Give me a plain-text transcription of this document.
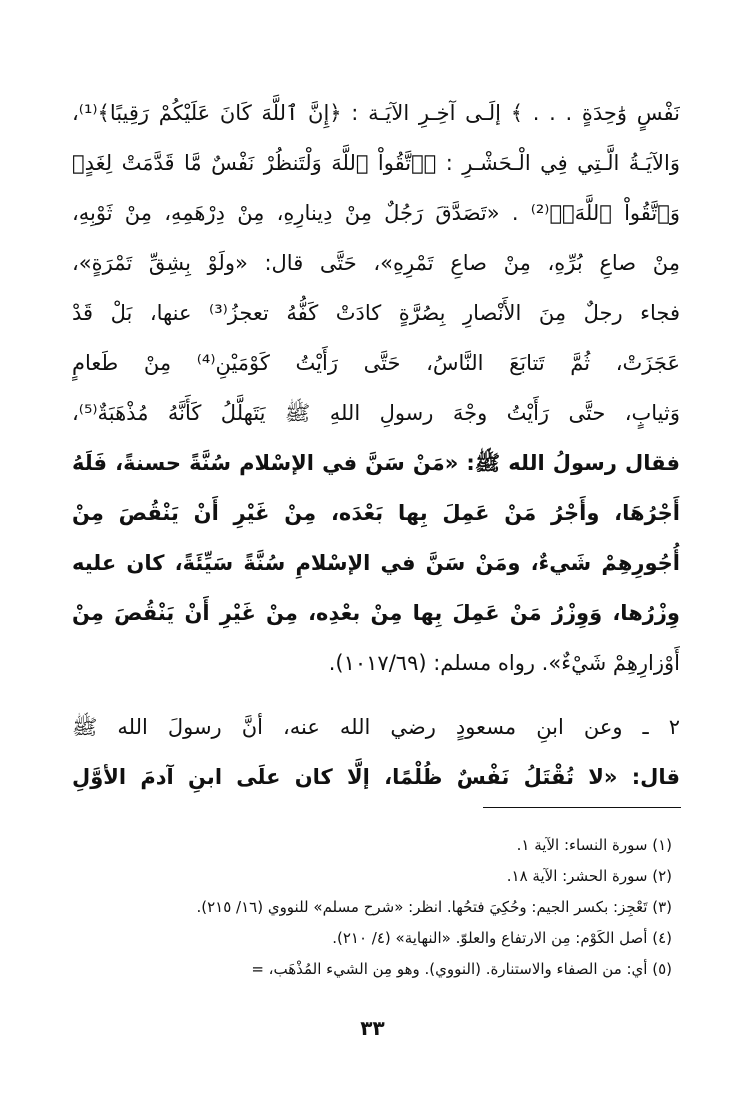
نَفْسٍ وَٰحِدَةٍ . . . ﴾ إلَـى آخِـرِ الآيَـة : ﴿إِنَّ ٱللَّهَ كَانَ عَلَيْكُمْ رَقِيبًا﴾⁽¹⁾،
وَالآيَـةُ الَّـتِي فِي الْـحَشْـرِ : ﴿ٱتَّقُواْ ٱللَّهَ وَلْتَنظُرْ نَفْسٌ مَّا قَدَّمَتْ لِغَدٍۖ
وَٱتَّقُواْ ٱللَّهَۚ﴾⁽²⁾ . «تَصَدَّقَ رَجُلٌ مِنْ دِينارِهِ، مِنْ دِرْهَمِهِ، مِنْ ثَوْبِهِ،
مِنْ صاعِ بُرِّهِ، مِنْ صاعِ تَمْرِهِ»، حَتَّى قال: «ولَوْ بِشِقِّ تَمْرَةٍ»،
فجاء رجلٌ مِنَ الأَنْصارِ بِصُرَّةٍ كادَتْ كَفُّهُ تعجزُ⁽³⁾ عنها، بَلْ قَدْ
عَجَزَتْ، ثُمَّ تَتابَعَ النَّاسُ، حَتَّى رَأَيْتُ كَوْمَيْنِ⁽⁴⁾ مِنْ طَعامٍ
وَثيابٍ، حتَّى رَأَيْتُ وجْهَ رسولِ اللهِ ﷺ يَتَهلَّلُ كَأَنَّهُ مُذْهَبَةٌ⁽⁵⁾،
فقال رسولُ الله ﷺ: «مَنْ سَنَّ في الإسْلام سُنَّةً حسنةً، فَلَهُ
أَجْرُهَا، وأَجْرُ مَنْ عَمِلَ بِها بَعْدَه، مِنْ غَيْرِ أَنْ يَنْقُصَ مِنْ
أُجُورِهِمْ شَيءٌ، ومَنْ سَنَّ في الإسْلامِ سُنَّةً سَيِّئَةً، كان عليه
وِزْرُها، وَوِزْرُ مَنْ عَمِلَ بِها مِنْ بعْدِه، مِنْ غَيْرِ أَنْ يَنْقُصَ مِنْ
أَوْزارِهِمْ شَيْءٌ». رواه مسلم: (١٠١٧/٦٩).
٢ ـ وعن ابنِ مسعودٍ رضي الله عنه، أنَّ رسولَ الله ﷺ
قال: «لا تُقْتَلُ نَفْسٌ ظُلْمًا، إلَّا كان علَى ابنِ آدمَ الأوَّلِ
(١) سورة النساء: الآية ١.
(٢) سورة الحشر: الآية ١٨.
(٣) تَعْجِز: بكسر الجيم: وحُكِيَ فتحُها. انظر: «شرح مسلم» للنووي (١٦/ ٢١٥).
(٤) أصل الكَوْم: مِن الارتفاع والعلوّ. «النهاية» (٤/ ٢١٠).
(٥) أي: من الصفاء والاستنارة. (النووي). وهو مِن الشيء المُذْهَب، =
٣٣
